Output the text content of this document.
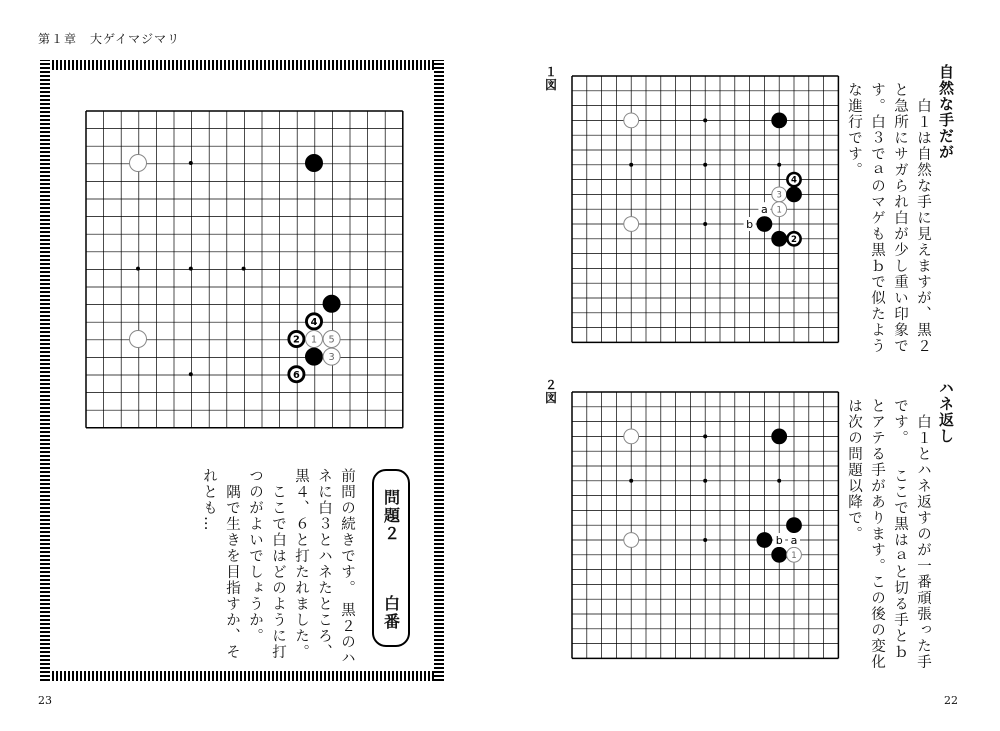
第１章　大ゲイマジマリ
23	22
4
2 1 5
3
6
問題２
白番
前問の続きです。 黒２のハネに白３とハネたところ、黒４、６と打たれました。 　ここで白はどのように打つのがよいでしょうか。 　隅で生きを目指すか、それとも…
１
図
4
3
1
2
a
b
自然な手だが
　白１は自然な手に見えますが、黒２と急所にサガられ白が少し重い印象です。白３でａのマゲも黒ｂで似たような進行です。
２
図
1
b a
ハネ返し
　白１とハネ返すのが一番頑張った手です。 　ここで黒はａと切る手とｂとアテる手があります。この後の変化は次の問題以降で。
